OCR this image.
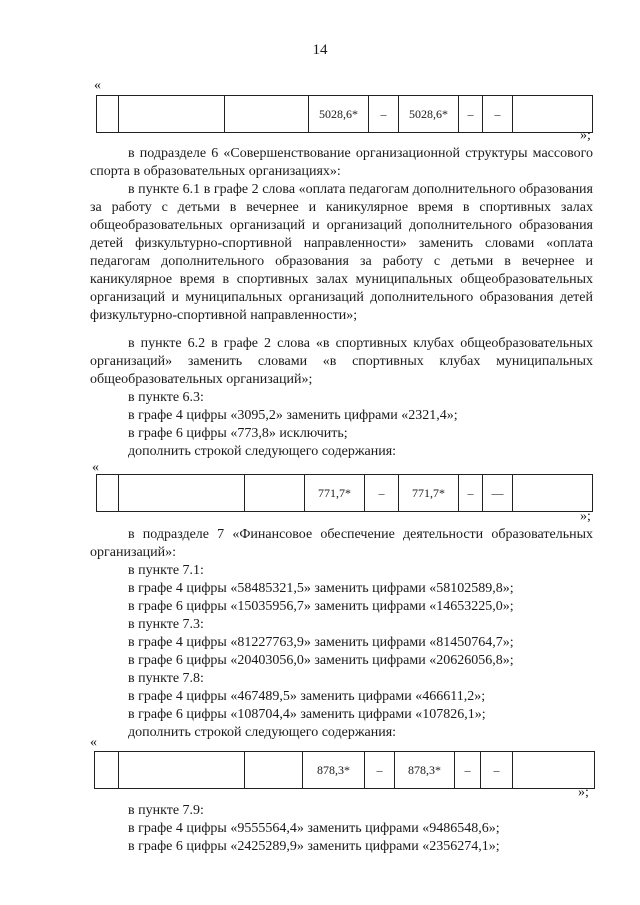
14
«
			5028,6*	–	5028,6*	–	–	
»;
в подразделе 6 «Совершенствование организационной структуры массового спорта в образовательных организациях»:
в пункте 6.1 в графе 2 слова «оплата педагогам дополнительного образования за работу с детьми в вечернее и каникулярное время в спортивных залах общеобразовательных организаций и организаций дополнительного образования детей физкультурно-спортивной направленности» заменить словами «оплата педагогам дополнительного образования за работу с детьми в вечернее и каникулярное время в спортивных залах муниципальных общеобразовательных организаций и муниципальных организаций дополнительного образования детей физкультурно-спортивной направленности»;
в пункте 6.2 в графе 2 слова «в спортивных клубах общеобразовательных организаций» заменить словами «в спортивных клубах муниципальных общеобразовательных организаций»;
в пункте 6.3:
в графе 4 цифры «3095,2» заменить цифрами «2321,4»;
в графе 6 цифры «773,8» исключить;
дополнить строкой следующего содержания:
«
			771,7*	–	771,7*	–	—	
»;
в подразделе 7 «Финансовое обеспечение деятельности образовательных организаций»:
в пункте 7.1:
в графе 4 цифры «58485321,5» заменить цифрами «58102589,8»;
в графе 6 цифры «15035956,7» заменить цифрами «14653225,0»;
в пункте 7.3:
в графе 4 цифры «81227763,9» заменить цифрами «81450764,7»;
в графе 6 цифры «20403056,0» заменить цифрами «20626056,8»;
в пункте 7.8:
в графе 4 цифры «467489,5» заменить цифрами «466611,2»;
в графе 6 цифры «108704,4» заменить цифрами «107826,1»;
дополнить строкой следующего содержания:
«
			878,3*	–	878,3*	–	–	
»;
в пункте 7.9:
в графе 4 цифры «9555564,4» заменить цифрами «9486548,6»;
в графе 6 цифры «2425289,9» заменить цифрами «2356274,1»;
